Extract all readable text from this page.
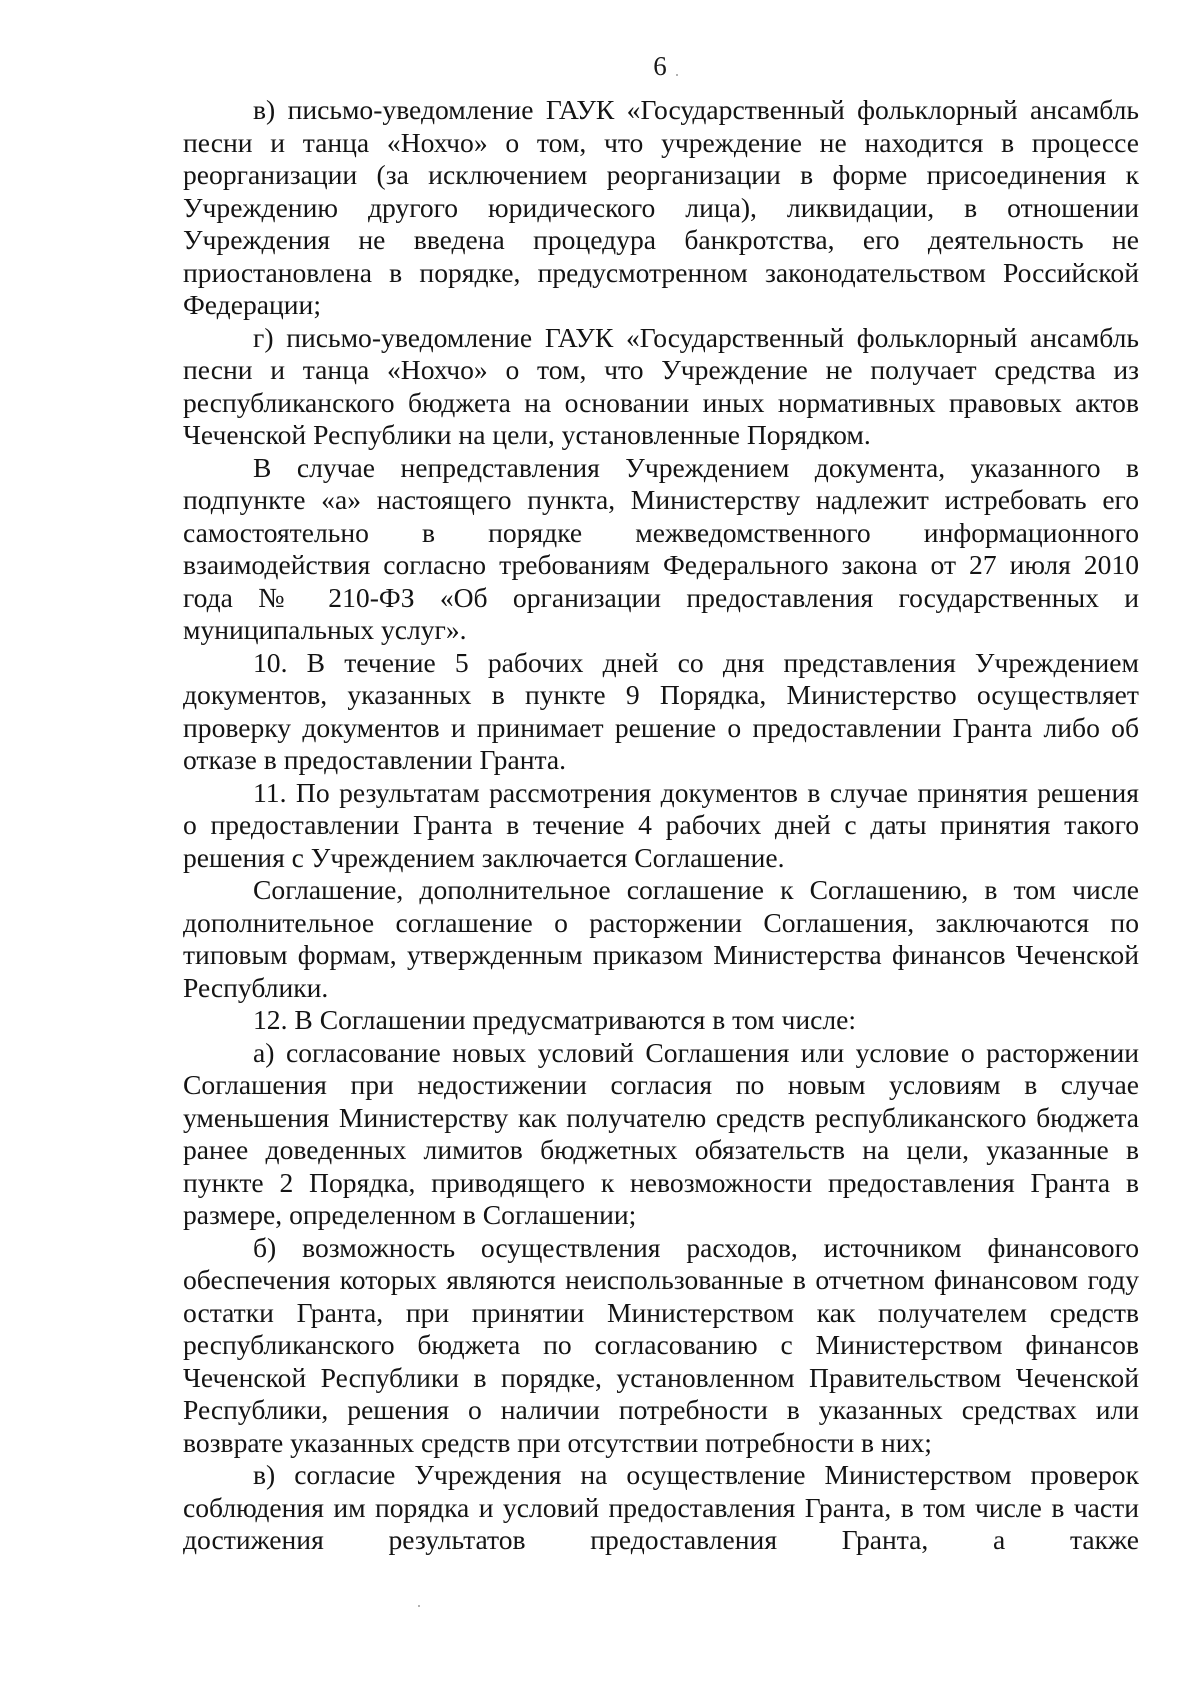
6

в) письмо-уведомление ГАУК «Государственный фольклорный ансамбль песни и танца «Нохчо» о том, что учреждение не находится в процессе реорганизации (за исключением реорганизации в форме присоединения к Учреждению другого юридического лица), ликвидации, в отношении Учреждения не введена процедура банкротства, его деятельность не приостановлена в порядке, предусмотренном законодательством Российской Федерации;

г) письмо-уведомление ГАУК «Государственный фольклорный ансамбль песни и танца «Нохчо» о том, что Учреждение не получает средства из республиканского бюджета на основании иных нормативных правовых актов Чеченской Республики на цели, установленные Порядком.

В случае непредставления Учреждением документа, указанного в подпункте «а» настоящего пункта, Министерству надлежит истребовать его самостоятельно в порядке межведомственного информационного взаимодействия согласно требованиям Федерального закона от 27 июля 2010 года № 210-ФЗ «Об организации предоставления государственных и муниципальных услуг».

10. В течение 5 рабочих дней со дня представления Учреждением документов, указанных в пункте 9 Порядка, Министерство осуществляет проверку документов и принимает решение о предоставлении Гранта либо об отказе в предоставлении Гранта.

11. По результатам рассмотрения документов в случае принятия решения о предоставлении Гранта в течение 4 рабочих дней с даты принятия такого решения с Учреждением заключается Соглашение.

Соглашение, дополнительное соглашение к Соглашению, в том числе дополнительное соглашение о расторжении Соглашения, заключаются по типовым формам, утвержденным приказом Министерства финансов Чеченской Республики.

12. В Соглашении предусматриваются в том числе:

а) согласование новых условий Соглашения или условие о расторжении Соглашения при недостижении согласия по новым условиям в случае уменьшения Министерству как получателю средств республиканского бюджета ранее доведенных лимитов бюджетных обязательств на цели, указанные в пункте 2 Порядка, приводящего к невозможности предоставления Гранта в размере, определенном в Соглашении;

б) возможность осуществления расходов, источником финансового обеспечения которых являются неиспользованные в отчетном финансовом году остатки Гранта, при принятии Министерством как получателем средств республиканского бюджета по согласованию с Министерством финансов Чеченской Республики в порядке, установленном Правительством Чеченской Республики, решения о наличии потребности в указанных средствах или возврате указанных средств при отсутствии потребности в них;

в) согласие Учреждения на осуществление Министерством проверок соблюдения им порядка и условий предоставления Гранта, в том числе в части достижения результатов предоставления Гранта, а также
